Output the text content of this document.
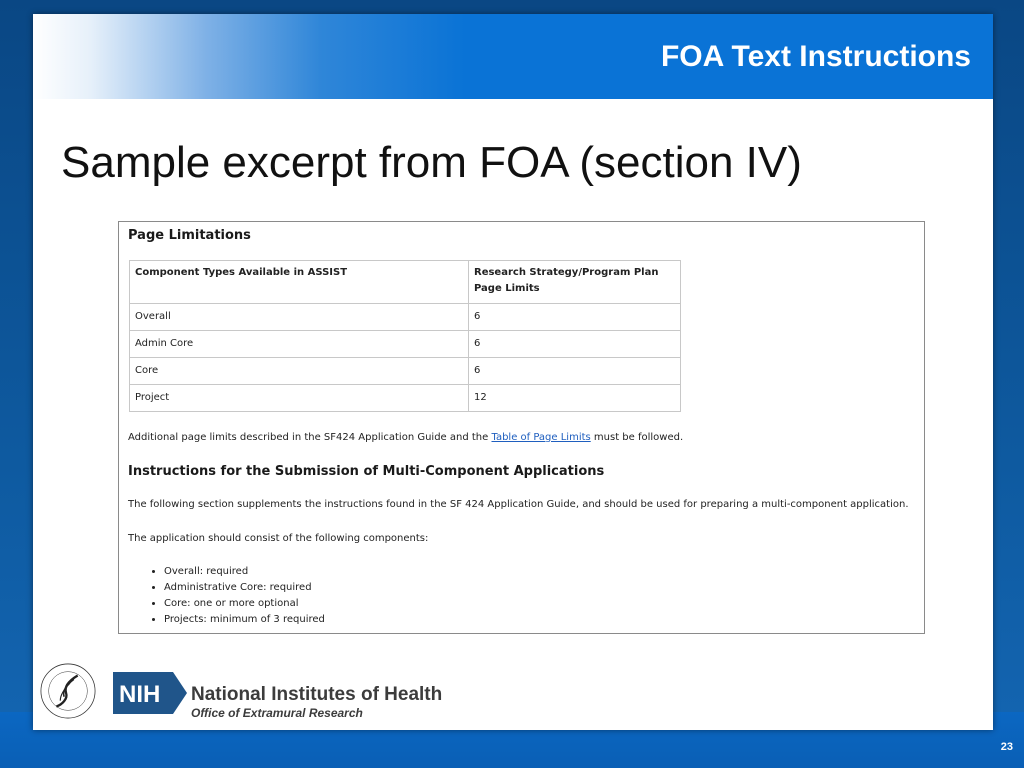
FOA Text Instructions
Sample excerpt from FOA (section IV)
Page Limitations
Component Types Available in ASSIST	Research Strategy/Program Plan
Page Limits
Overall	6
Admin Core	6
Core	6
Project	12
Additional page limits described in the SF424 Application Guide and the Table of Page Limits must be followed.
Instructions for the Submission of Multi-Component Applications
The following section supplements the instructions found in the SF 424 Application Guide, and should be used for preparing a multi-component application.
The application should consist of the following components:
• Overall: required
• Administrative Core: required
• Core: one or more optional
• Projects: minimum of 3 required
NIH National Institutes of Health
Office of Extramural Research
23
